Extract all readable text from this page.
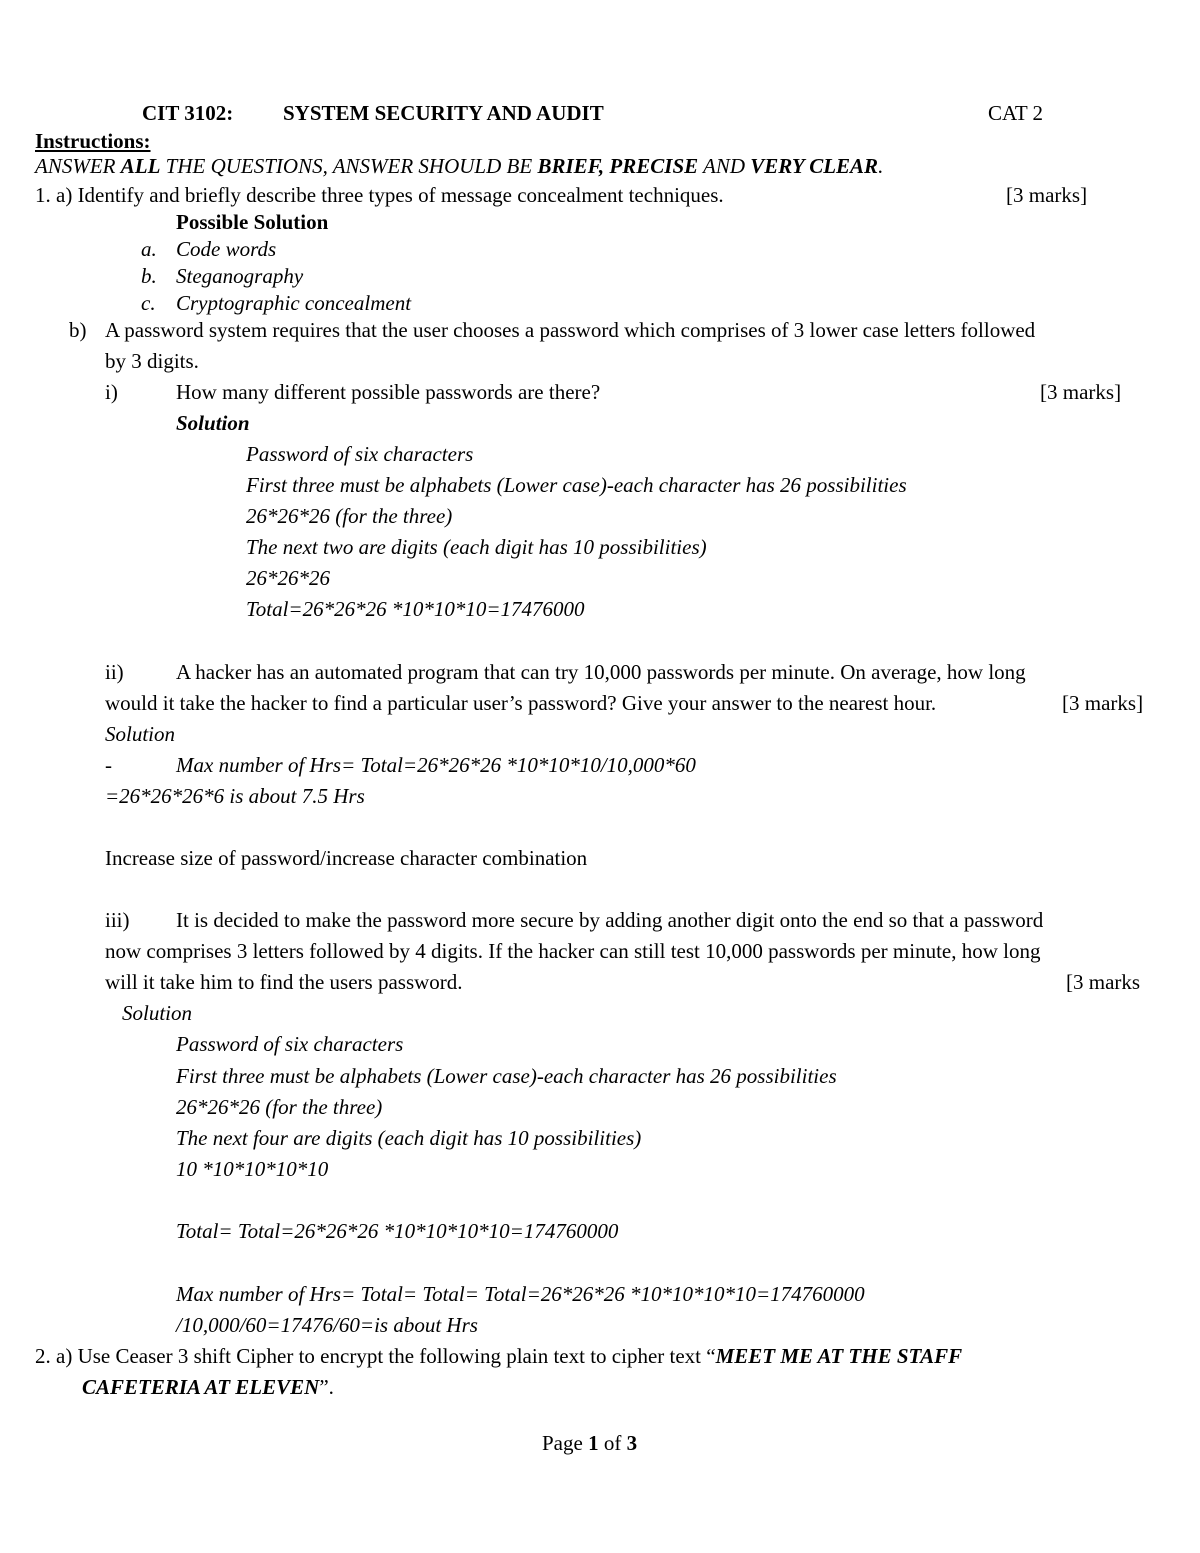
CIT 3102: SYSTEM SECURITY AND AUDIT	CAT 2
Instructions:
ANSWER ALL THE QUESTIONS, ANSWER SHOULD BE BRIEF, PRECISE AND VERY CLEAR.
1. a) Identify and briefly describe three types of message concealment techniques.	[3 marks]
Possible Solution
a. Code words
b. Steganography
c. Cryptographic concealment
b) A password system requires that the user chooses a password which comprises of 3 lower case letters followed
by 3 digits.
i)	How many different possible passwords are there?	[3 marks]
Solution
Password of six characters
First three must be alphabets (Lower case)-each character has 26 possibilities
26*26*26 (for the three)
The next two are digits (each digit has 10 possibilities)
26*26*26
Total=26*26*26 *10*10*10=17476000
ii) A hacker has an automated program that can try 10,000 passwords per minute. On average, how long
would it take the hacker to find a particular user’s password? Give your answer to the nearest hour.	[3 marks]
Solution
-	Max number of Hrs= Total=26*26*26 *10*10*10/10,000*60
=26*26*26*6 is about 7.5 Hrs
Increase size of password/increase character combination
iii) It is decided to make the password more secure by adding another digit onto the end so that a password
now comprises 3 letters followed by 4 digits. If the hacker can still test 10,000 passwords per minute, how long
will it take him to find the users password.	[3 marks
Solution
Password of six characters
First three must be alphabets (Lower case)-each character has 26 possibilities
26*26*26 (for the three)
The next four are digits (each digit has 10 possibilities)
10 *10*10*10*10
Total= Total=26*26*26 *10*10*10*10=174760000
Max number of Hrs= Total= Total= Total=26*26*26 *10*10*10*10=174760000
/10,000/60=17476/60=is about Hrs
2. a) Use Ceaser 3 shift Cipher to encrypt the following plain text to cipher text “MEET ME AT THE STAFF
CAFETERIA AT ELEVEN”.
Page 1 of 3
